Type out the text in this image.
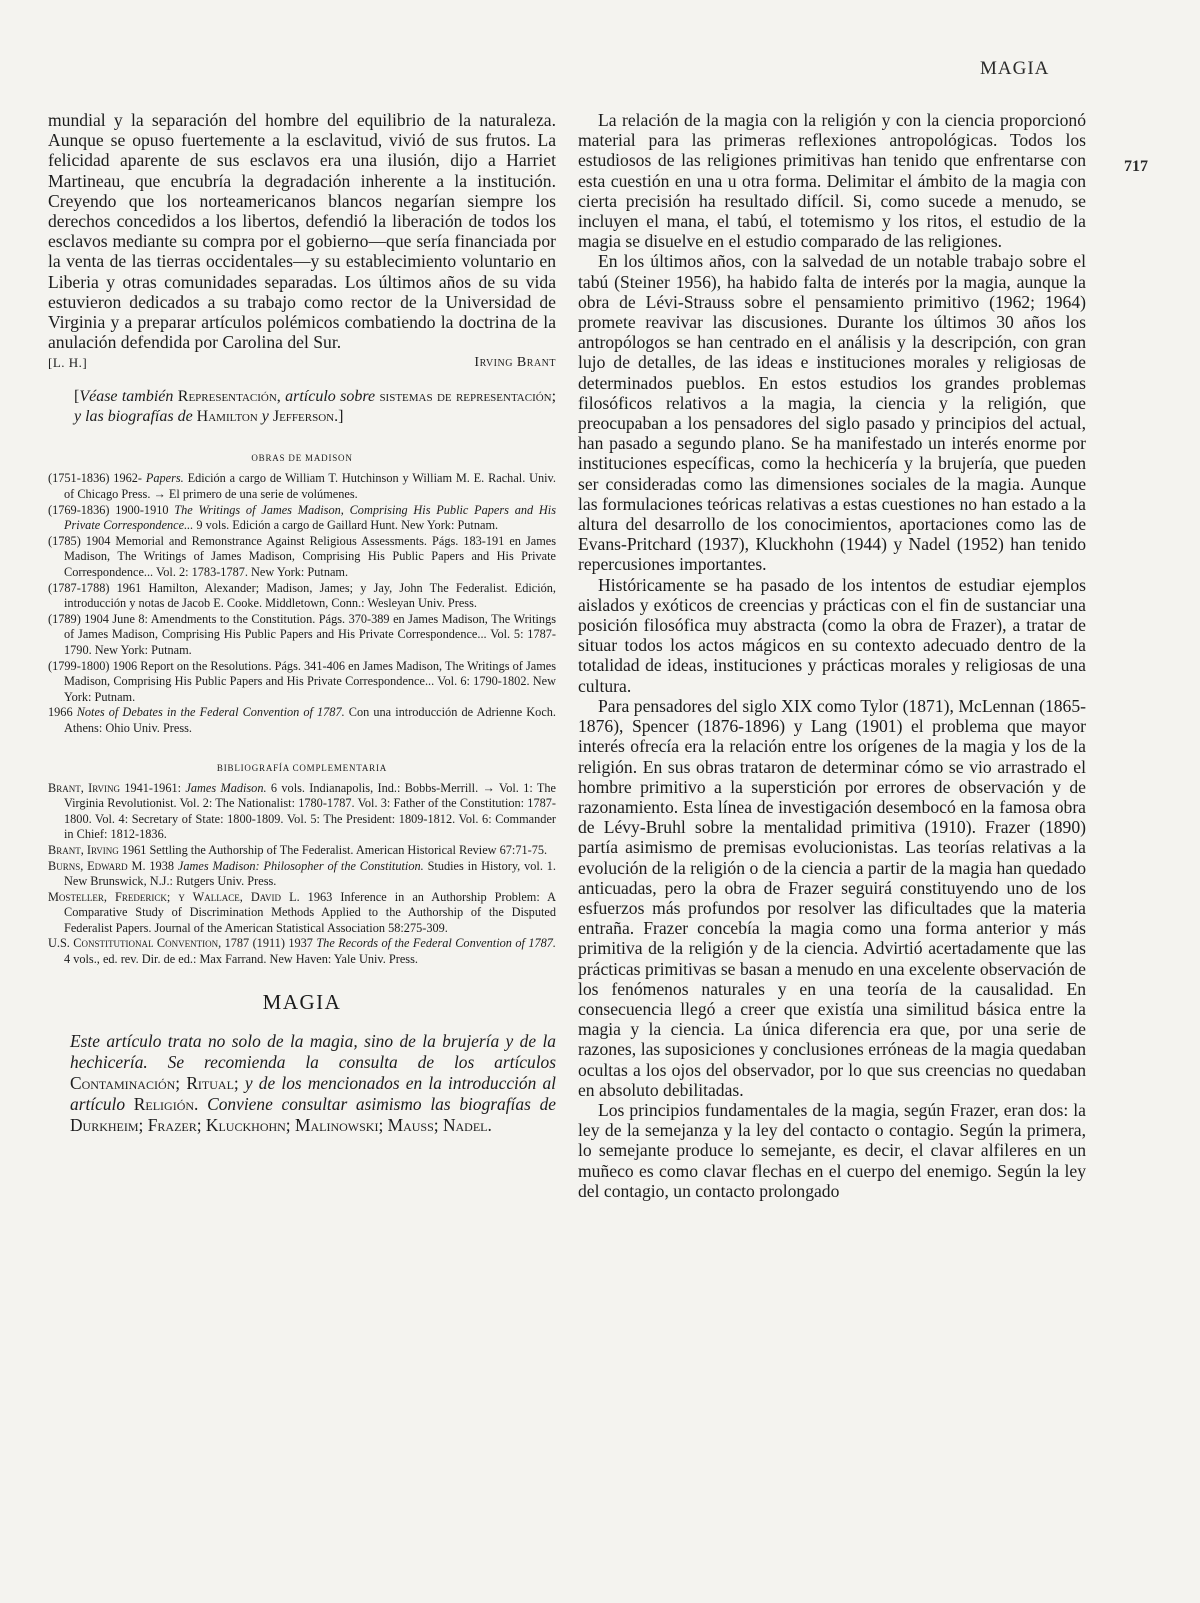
MAGIA
717

mundial y la separación del hombre del equilibrio de la naturaleza. Aunque se opuso fuertemente a la esclavitud, vivió de sus frutos. La felicidad aparente de sus esclavos era una ilusión, dijo a Harriet Martineau, que encubría la degradación inherente a la institución. Creyendo que los norteamericanos blancos negarían siempre los derechos concedidos a los libertos, defendió la liberación de todos los esclavos mediante su compra por el gobierno—que sería financiada por la venta de las tierras occidentales—y su establecimiento voluntario en Liberia y otras comunidades separadas. Los últimos años de su vida estuvieron dedicados a su trabajo como rector de la Universidad de Virginia y a preparar artículos polémicos combatiendo la doctrina de la anulación defendida por Carolina del Sur.

[L. H.]	Irving Brant

[Véase también Representación, artículo sobre sistemas de representación; y las biografías de Hamilton y Jefferson.]

OBRAS DE MADISON
(1751-1836) 1962- Papers. Edición a cargo de William T. Hutchinson y William M. E. Rachal. Univ. of Chicago Press. → El primero de una serie de volúmenes.
(1769-1836) 1900-1910 The Writings of James Madison, Comprising His Public Papers and His Private Correspondence... 9 vols. Edición a cargo de Gaillard Hunt. New York: Putnam.
(1785) 1904 Memorial and Remonstrance Against Religious Assessments. Págs. 183-191 en James Madison, The Writings of James Madison, Comprising His Public Papers and His Private Correspondence... Vol. 2: 1783-1787. New York: Putnam.
(1787-1788) 1961 Hamilton, Alexander; Madison, James; y Jay, John The Federalist. Edición, introducción y notas de Jacob E. Cooke. Middletown, Conn.: Wesleyan Univ. Press.
(1789) 1904 June 8: Amendments to the Constitution. Págs. 370-389 en James Madison, The Writings of James Madison, Comprising His Public Papers and His Private Correspondence... Vol. 5: 1787-1790. New York: Putnam.
(1799-1800) 1906 Report on the Resolutions. Págs. 341-406 en James Madison, The Writings of James Madison, Comprising His Public Papers and His Private Correspondence... Vol. 6: 1790-1802. New York: Putnam.
1966 Notes of Debates in the Federal Convention of 1787. Con una introducción de Adrienne Koch. Athens: Ohio Univ. Press.
BIBLIOGRAFÍA COMPLEMENTARIA
Brant, Irving 1941-1961: James Madison. 6 vols. Indianapolis, Ind.: Bobbs-Merrill. → Vol. 1: The Virginia Revolutionist. Vol. 2: The Nationalist: 1780-1787. Vol. 3: Father of the Constitution: 1787-1800. Vol. 4: Secretary of State: 1800-1809. Vol. 5: The President: 1809-1812. Vol. 6: Commander in Chief: 1812-1836.
Brant, Irving 1961 Settling the Authorship of The Federalist. American Historical Review 67:71-75.
Burns, Edward M. 1938 James Madison: Philosopher of the Constitution. Studies in History, vol. 1. New Brunswick, N.J.: Rutgers Univ. Press.
Mosteller, Frederick; y Wallace, David L. 1963 Inference in an Authorship Problem: A Comparative Study of Discrimination Methods Applied to the Authorship of the Disputed Federalist Papers. Journal of the American Statistical Association 58:275-309.
U.S. Constitutional Convention, 1787 (1911) 1937 The Records of the Federal Convention of 1787. 4 vols., ed. rev. Dir. de ed.: Max Farrand. New Haven: Yale Univ. Press.
MAGIA

Este artículo trata no solo de la magia, sino de la brujería y de la hechicería. Se recomienda la consulta de los artículos Contaminación; Ritual; y de los mencionados en la introducción al artículo Religión. Conviene consultar asimismo las biografías de Durkheim; Frazer; Kluckhohn; Malinowski; Mauss; Nadel.

La relación de la magia con la religión y con la ciencia proporcionó material para las primeras reflexiones antropológicas. Todos los estudiosos de las religiones primitivas han tenido que enfrentarse con esta cuestión en una u otra forma. Delimitar el ámbito de la magia con cierta precisión ha resultado difícil. Si, como sucede a menudo, se incluyen el mana, el tabú, el totemismo y los ritos, el estudio de la magia se disuelve en el estudio comparado de las religiones.

En los últimos años, con la salvedad de un notable trabajo sobre el tabú (Steiner 1956), ha habido falta de interés por la magia, aunque la obra de Lévi-Strauss sobre el pensamiento primitivo (1962; 1964) promete reavivar las discusiones. Durante los últimos 30 años los antropólogos se han centrado en el análisis y la descripción, con gran lujo de detalles, de las ideas e instituciones morales y religiosas de determinados pueblos. En estos estudios los grandes problemas filosóficos relativos a la magia, la ciencia y la religión, que preocupaban a los pensadores del siglo pasado y principios del actual, han pasado a segundo plano. Se ha manifestado un interés enorme por instituciones específicas, como la hechicería y la brujería, que pueden ser consideradas como las dimensiones sociales de la magia. Aunque las formulaciones teóricas relativas a estas cuestiones no han estado a la altura del desarrollo de los conocimientos, aportaciones como las de Evans-Pritchard (1937), Kluckhohn (1944) y Nadel (1952) han tenido repercusiones importantes.

Históricamente se ha pasado de los intentos de estudiar ejemplos aislados y exóticos de creencias y prácticas con el fin de sustanciar una posición filosófica muy abstracta (como la obra de Frazer), a tratar de situar todos los actos mágicos en su contexto adecuado dentro de la totalidad de ideas, instituciones y prácticas morales y religiosas de una cultura.

Para pensadores del siglo XIX como Tylor (1871), McLennan (1865-1876), Spencer (1876-1896) y Lang (1901) el problema que mayor interés ofrecía era la relación entre los orígenes de la magia y los de la religión. En sus obras trataron de determinar cómo se vio arrastrado el hombre primitivo a la superstición por errores de observación y de razonamiento. Esta línea de investigación desembocó en la famosa obra de Lévy-Bruhl sobre la mentalidad primitiva (1910). Frazer (1890) partía asimismo de premisas evolucionistas. Las teorías relativas a la evolución de la religión o de la ciencia a partir de la magia han quedado anticuadas, pero la obra de Frazer seguirá constituyendo uno de los esfuerzos más profundos por resolver las dificultades que la materia entraña. Frazer concebía la magia como una forma anterior y más primitiva de la religión y de la ciencia. Advirtió acertadamente que las prácticas primitivas se basan a menudo en una excelente observación de los fenómenos naturales y en una teoría de la causalidad. En consecuencia llegó a creer que existía una similitud básica entre la magia y la ciencia. La única diferencia era que, por una serie de razones, las suposiciones y conclusiones erróneas de la magia quedaban ocultas a los ojos del observador, por lo que sus creencias no quedaban en absoluto debilitadas.

Los principios fundamentales de la magia, según Frazer, eran dos: la ley de la semejanza y la ley del contacto o contagio. Según la primera, lo semejante produce lo semejante, es decir, el clavar alfileres en un muñeco es como clavar flechas en el cuerpo del enemigo. Según la ley del contagio, un contacto prolongado
